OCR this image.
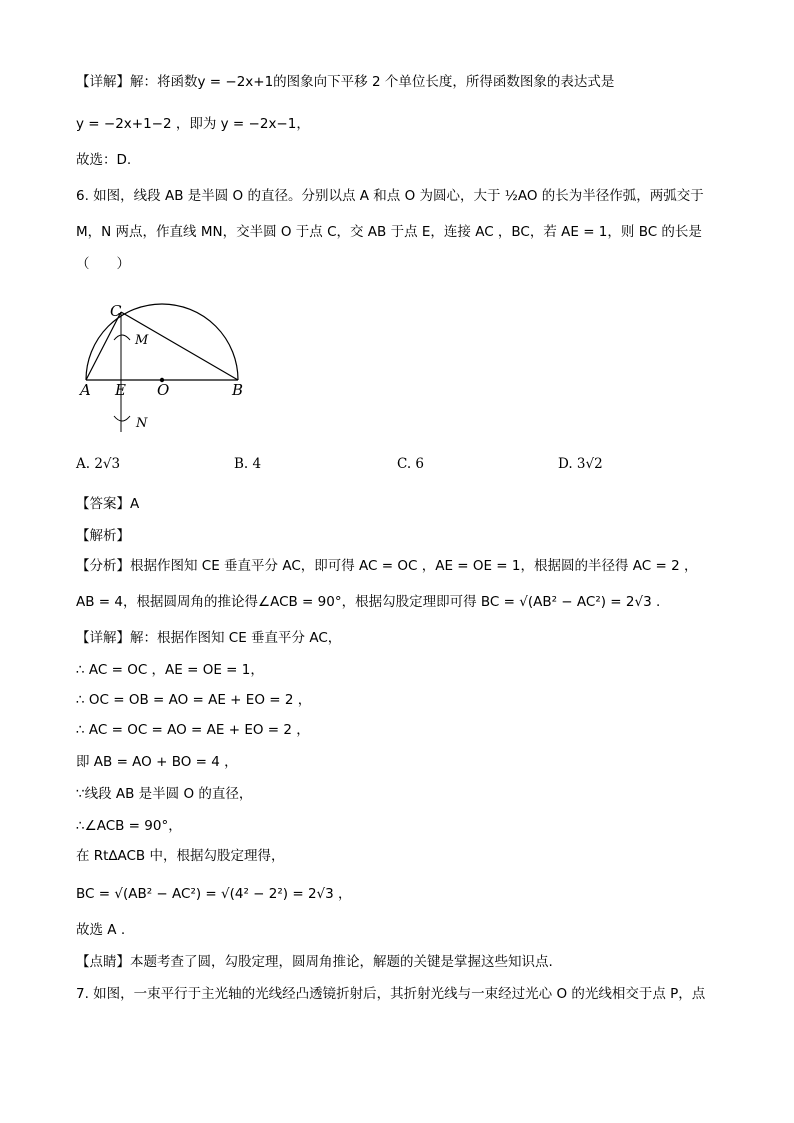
【详解】解：将函数y = −2x+1的图象向下平移 2 个单位长度，所得函数图象的表达式是
y = −2x+1−2 ，即为 y = −2x−1，
故选：D.
6. 如图，线段 AB 是半圆 O 的直径。分别以点 A 和点 O 为圆心，大于 ½AO 的长为半径作弧，两弧交于
M，N 两点，作直线 MN，交半圆 O 于点 C，交 AB 于点 E，连接 AC ，BC，若 AE = 1，则 BC 的长是
（　　）
C
M
A E O	B
N
A. 2√3	B. 4	C. 6	D. 3√2
【答案】A
【解析】
【分析】根据作图知 CE 垂直平分 AC，即可得 AC = OC ，AE = OE = 1，根据圆的半径得 AC = 2 ，
AB = 4，根据圆周角的推论得∠ACB = 90°，根据勾股定理即可得 BC = √(AB² − AC²) = 2√3 .
【详解】解：根据作图知 CE 垂直平分 AC，
∴ AC = OC ，AE = OE = 1，
∴ OC = OB = AO = AE + EO = 2 ，
∴ AC = OC = AO = AE + EO = 2 ，
即 AB = AO + BO = 4 ，
∵线段 AB 是半圆 O 的直径，
∴∠ACB = 90°，
在 Rt∆ACB 中，根据勾股定理得，
BC = √(AB² − AC²) = √(4² − 2²) = 2√3 ，
故选 A .
【点睛】本题考查了圆，勾股定理，圆周角推论，解题的关键是掌握这些知识点.
7. 如图，一束平行于主光轴的光线经凸透镜折射后，其折射光线与一束经过光心 O 的光线相交于点 P，点
